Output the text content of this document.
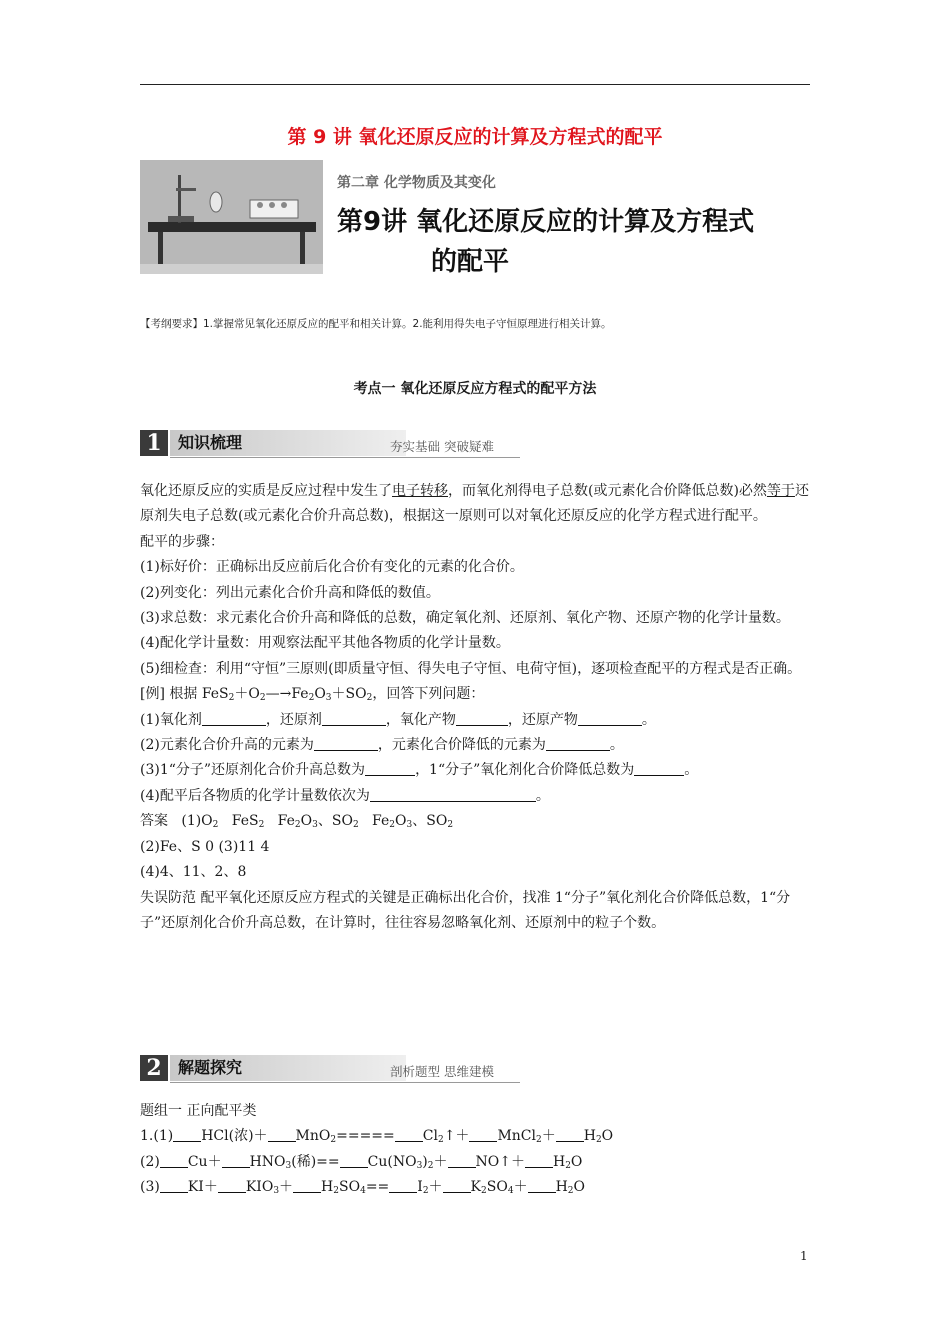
第 9 讲 氧化还原反应的计算及方程式的配平
第二章 化学物质及其变化
第9讲 氧化还原反应的计算及方程式
的配平
【考纲要求】1.掌握常见氧化还原反应的配平和相关计算。2.能利用得失电子守恒原理进行相关计算。
考点一 氧化还原反应方程式的配平方法
1	知识梳理	夯实基础 突破疑难

氧化还原反应的实质是反应过程中发生了电子转移，而氧化剂得电子总数(或元素化合价降低总数)必然等于还原剂失电子总数(或元素化合价升高总数)，根据这一原则可以对氧化还原反应的化学方程式进行配平。

配平的步骤：

(1)标好价：正确标出反应前后化合价有变化的元素的化合价。

(2)列变化：列出元素化合价升高和降低的数值。

(3)求总数：求元素化合价升高和降低的总数，确定氧化剂、还原剂、氧化产物、还原产物的化学计量数。

(4)配化学计量数：用观察法配平其他各物质的化学计量数。

(5)细检查：利用“守恒”三原则(即质量守恒、得失电子守恒、电荷守恒)，逐项检查配平的方程式是否正确。

[例] 根据 $FeS_2+O_2—\to Fe_2O_3+SO_2$，回答下列问题：

(1)氧化剂	，还原剂	，氧化产物	，还原产物	。

(2)元素化合价升高的元素为	，元素化合价降低的元素为	。

(3)1“分子”还原剂化合价升高总数为	，1“分子”氧化剂化合价降低总数为	。

(4)配平后各物质的化学计量数依次为	。

答案   $(1)O_2$   FeS$_2$   $Fe_2O_3$、$SO_2$   $Fe_2O_3$、$SO_2$

(2)Fe、S 0 (3)11 4

(4)4、11、2、8

失误防范 配平氧化还原反应方程式的关键是正确标出化合价，找准 1“分子”氧化剂化合价降低总数，1“分子”还原剂化合价升高总数，在计算时，往往容易忽略氧化剂、还原剂中的粒子个数。

2	解题探究	剖析题型 思维建模

题组一 正向配平类

1.(1) HCl(浓)＋ $MnO_2===== Cl_2↑+$ MnCl$_2$＋ $H_2O$

(2) $Cu+ HNO_3$(稀)== $Cu(NO_3)_2+$ NO↑＋ $H_2O$

(3) $KI+ KIO_3+ H_2SO_4== I_2+ K_2SO_4+ H_2O$

1
